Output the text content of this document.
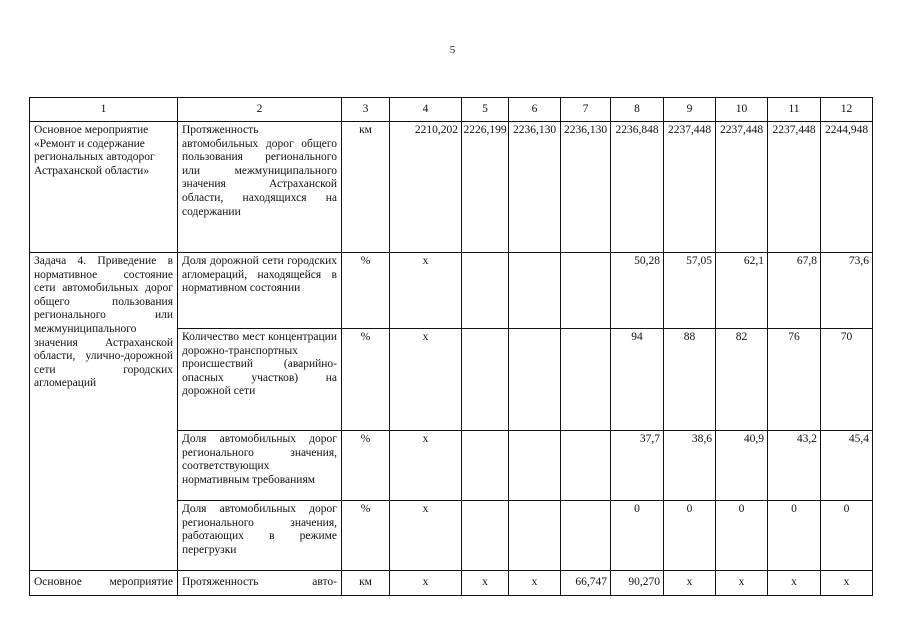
5
1	2	3	4	5	6	7	8	9	10	11	12
Основное мероприятие «Ремонт и содержание региональных автодорог Астраханской области»	Протяженность автомобильных дорог общего пользования регионального или межмуниципального значения Астраханской области, находящихся на содержании	км	2210,202	2226,199	2236,130	2236,130	2236,848	2237,448	2237,448	2237,448	2244,948
Задача 4. Приведение в нормативное состояние сети автомобильных дорог общего пользования регионального или межмуниципального значения Астраханской области, улично-дорожной сети городских агломераций	Доля дорожной сети городских агломераций, находящейся в нормативном состоянии	%	х				50,28	57,05	62,1	67,8	73,6
	Количество мест концентрации дорожно-транспортных происшествий (аварийно-опасных участков) на дорожной сети	%	х				94	88	82	76	70
	Доля автомобильных дорог регионального значения, соответствующих нормативным требованиям	%	х				37,7	38,6	40,9	43,2	45,4
	Доля автомобильных дорог регионального значения, работающих в режиме перегрузки	%	х				0	0	0	0	0
Основное мероприятие	Протяженность авто-	км	х	х	х	66,747	90,270	х	х	х	х
